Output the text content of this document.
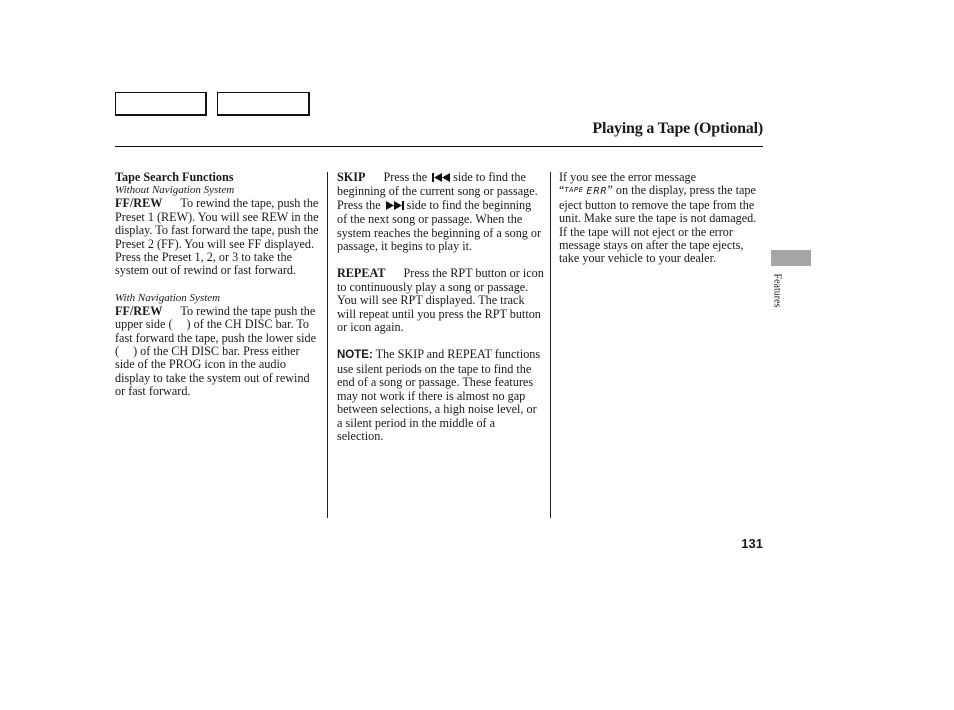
Playing a Tape (Optional)

Tape Search Functions

Without Navigation System

FF/REW To rewind the tape, push the Preset 1 (REW). You will see REW in the display. To fast forward the tape, push the Preset 2 (FF). You will see FF displayed. Press the Preset 1, 2, or 3 to take the system out of rewind or fast forward.

With Navigation System

FF/REW To rewind the tape push the upper side ( ) of the CH DISC bar. To fast forward the tape, push the lower side ( ) of the CH DISC bar. Press either side of the PROG icon in the audio display to take the system out of rewind or fast forward.

SKIP Press the side to find the beginning of the current song or passage. Press the side to find the beginning of the next song or passage. When the system reaches the beginning of a song or passage, it begins to play it.

REPEAT Press the RPT button or icon to continuously play a song or passage. You will see RPT displayed. The track will repeat until you press the RPT button or icon again.

NOTE: The SKIP and REPEAT functions use silent periods on the tape to find the end of a song or passage. These features may not work if there is almost no gap between selections, a high noise level, or a silent period in the middle of a selection.

If you see the error message
“TAPE ERR” on the display, press the tape eject button to remove the tape from the unit. Make sure the tape is not damaged. If the tape will not eject or the error message stays on after the tape ejects, take your vehicle to your dealer.

Features
131
